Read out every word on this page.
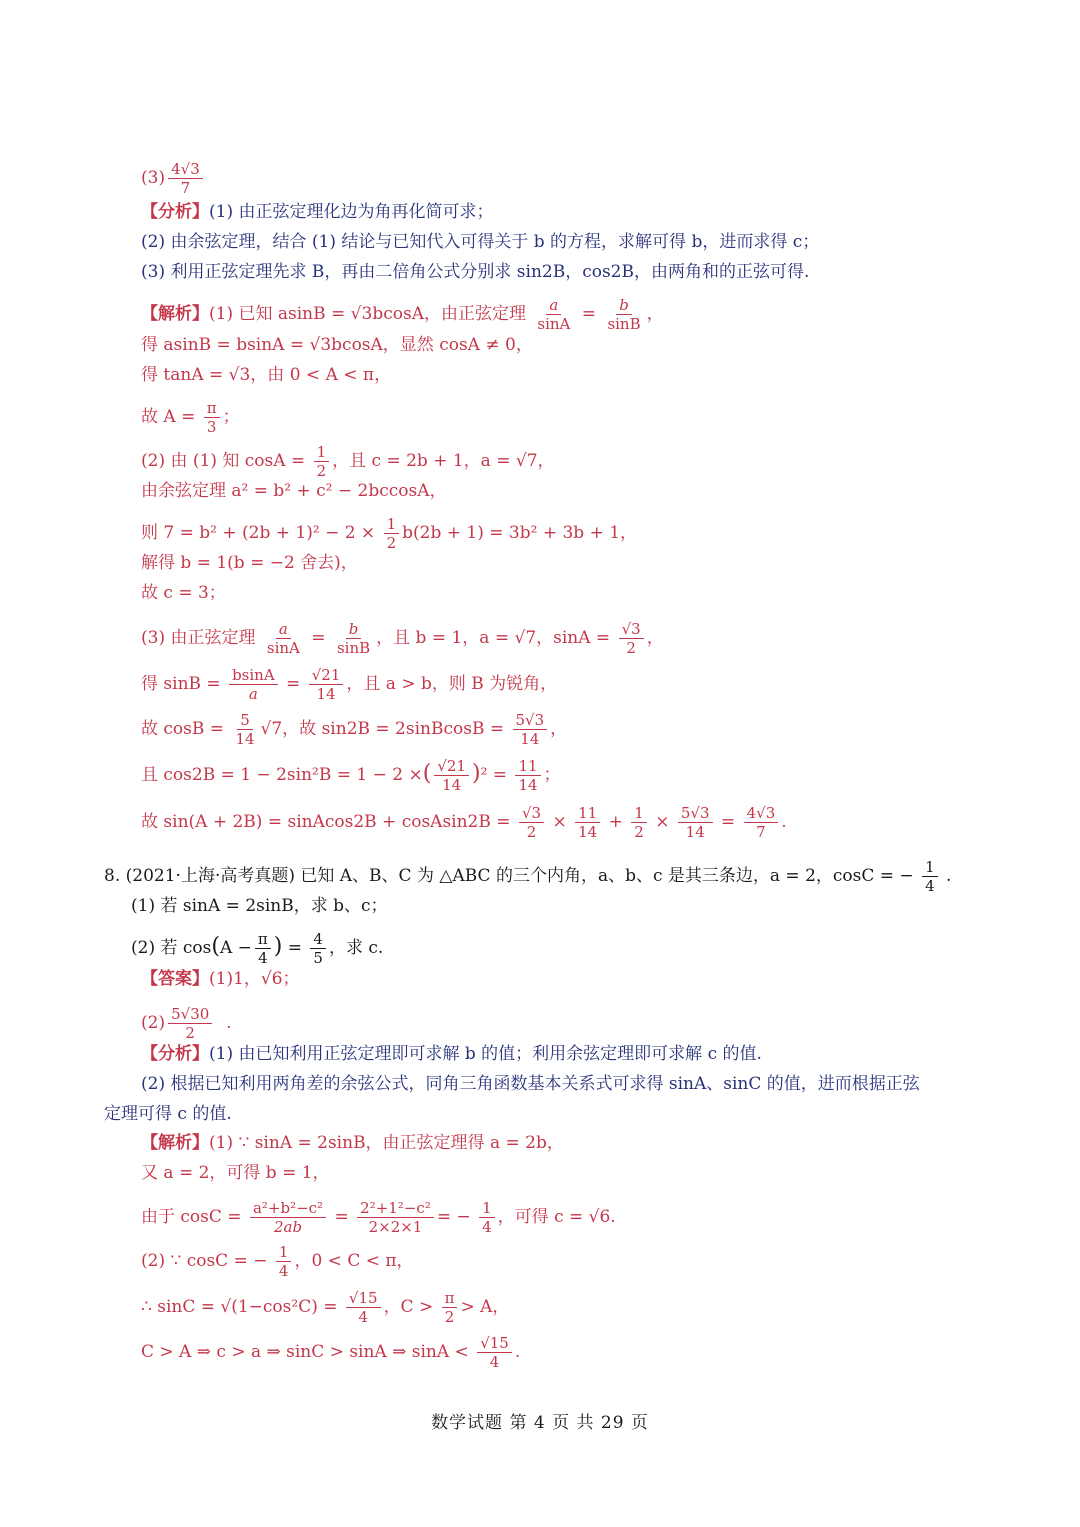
$(3) \frac{4√3}{7}$
【分析】(1) 由正弦定理化边为角再化简可求；
(2) 由余弦定理，结合 (1) 结论与已知代入可得关于 b 的方程，求解可得 b，进而求得 c；
(3) 利用正弦定理先求 B，再由二倍角公式分别求 sin2B，cos2B，由两角和的正弦可得.
【解析】(1) 已知 asinB = √3bcosA，由正弦定理 $\frac{a}{\sin A} = \frac{b}{\sin B}$ ，
得 asinB = bsinA = √3bcosA，显然 cosA ≠ 0，
得 tanA = √3，由 0 < A < π，
故 $A = \frac{\pi}{3}$ ；
(2) 由 (1) 知 $\cos A = \frac{1}{2}$ ，且 c = 2b + 1，a = √7，
由余弦定理 a² = b² + c² − 2bccosA，
则 $7 = b^2 + (2b + 1)^2 - 2 \times \frac{1}{2} b(2b + 1) = 3b^2 + 3b + 1$，
解得 b = 1(b = −2 舍去)，
故 c = 3；
(3) 由正弦定理 $\frac{a}{\sin A} = \frac{b}{\sin B}$ ，且 b = 1，a = √7，$\sin A = \frac{√3}{2}$ ，
得 $\sin B = \frac{bsinA}{a} = \frac{√21}{14}$ ，且 a > b，则 B 为锐角，
故 $\cos B = \frac{5}{14} √7$，故 sin2B = 2sinBcosB = $\frac{5√3}{14}$ ，
且 cos2B = 1 − 2sin²B = 1 − 2 ×( $\frac{√21}{14} )^2 = \frac{11}{14}$ ；
故 sin(A + 2B) = sinAcos2B + cosAsin2B = $\frac{√3}{2} \times \frac{11}{14} + \frac{1}{2} \times \frac{5√3}{14} = \frac{4√3}{7}$ .
8. (2021·上海·高考真题) 已知 A、B、C 为 △ABC 的三个内角，a、b、c 是其三条边，a = 2，cosC = − $\frac{1}{4}$ .
(1) 若 sinA = 2sinB，求 b、c；
(2) 若 $\cos(A - \frac{\pi}{4}$ ) = $\frac{4}{5}$ ，求 c.
【答案】(1)1，√6；
$(2) \frac{5√30}{2}$ .
【分析】(1) 由已知利用正弦定理即可求解 b 的值；利用余弦定理即可求解 c 的值.
(2) 根据已知利用两角差的余弦公式，同角三角函数基本关系式可求得 sinA、sinC 的值，进而根据正弦
定理可得 c 的值.
【解析】(1) ∵ sinA = 2sinB，由正弦定理得 a = 2b，
又 a = 2，可得 b = 1，
由于 $\cos C = \frac{\text{a²+b²−c²}}{2ab} = \frac{\text{2²+1²−c²}}{2\times 2\times 1}$ = − $\frac{1}{4}$ ，可得 c = √6.
(2) ∵ cosC = − $\frac{1}{4}$ ，0 < C < π，
∴ $\sin C = √(1-\cos^2C) = \frac{√15}{4}$ ，$C > \frac{\pi}{2} > A$，
C > A ⇒ c > a ⇒ sinC > sinA ⇒ $\sin A < \frac{√15}{4}$ .
数学试题 第 4 页 共 29 页
